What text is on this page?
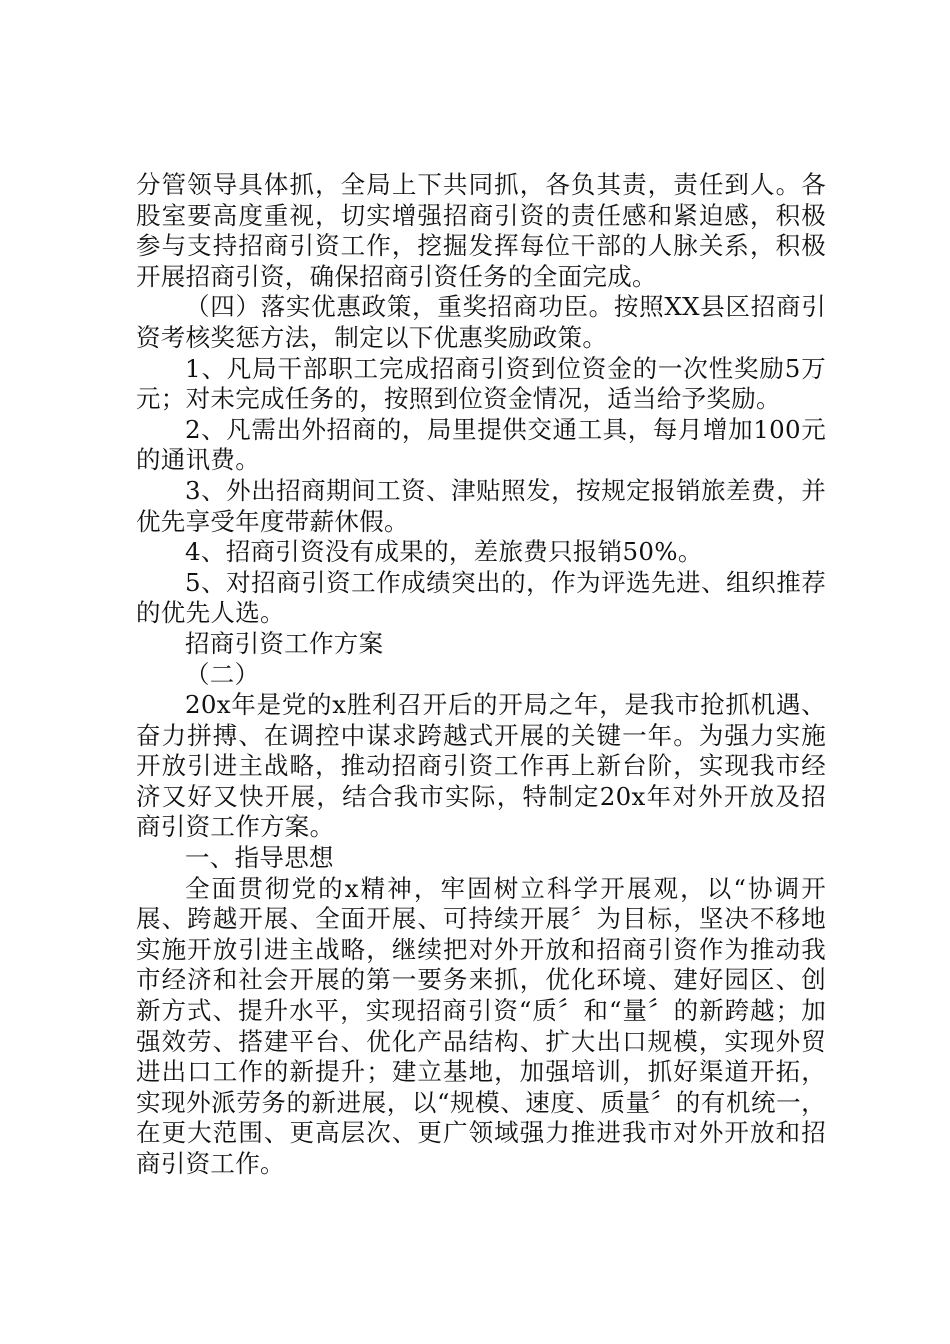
分管领导具体抓，全局上下共同抓，各负其责，责任到人。各股室要高度重视，切实增强招商引资的责任感和紧迫感，积极参与支持招商引资工作，挖掘发挥每位干部的人脉关系，积极开展招商引资，确保招商引资任务的全面完成。

（四）落实优惠政策，重奖招商功臣。按照XX县区招商引资考核奖惩方法，制定以下优惠奖励政策。

1、凡局干部职工完成招商引资到位资金的一次性奖励5万元；对未完成任务的，按照到位资金情况，适当给予奖励。

2、凡需出外招商的，局里提供交通工具，每月增加100元的通讯费。

3、外出招商期间工资、津贴照发，按规定报销旅差费，并优先享受年度带薪休假。

4、招商引资没有成果的，差旅费只报销50%。

5、对招商引资工作成绩突出的，作为评选先进、组织推荐的优先人选。

招商引资工作方案

（二）

20x年是党的x胜利召开后的开局之年，是我市抢抓机遇、奋力拼搏、在调控中谋求跨越式开展的关键一年。为强力实施开放引进主战略，推动招商引资工作再上新台阶，实现我市经济又好又快开展，结合我市实际，特制定20x年对外开放及招商引资工作方案。

一、指导思想

全面贯彻党的x精神，牢固树立科学开展观，以“协调开展、跨越开展、全面开展、可持续开展〞为目标，坚决不移地实施开放引进主战略，继续把对外开放和招商引资作为推动我市经济和社会开展的第一要务来抓，优化环境、建好园区、创新方式、提升水平，实现招商引资“质〞和“量〞的新跨越；加强效劳、搭建平台、优化产品结构、扩大出口规模，实现外贸进出口工作的新提升；建立基地，加强培训，抓好渠道开拓，实现外派劳务的新进展，以“规模、速度、质量〞的有机统一，在更大范围、更高层次、更广领域强力推进我市对外开放和招商引资工作。
